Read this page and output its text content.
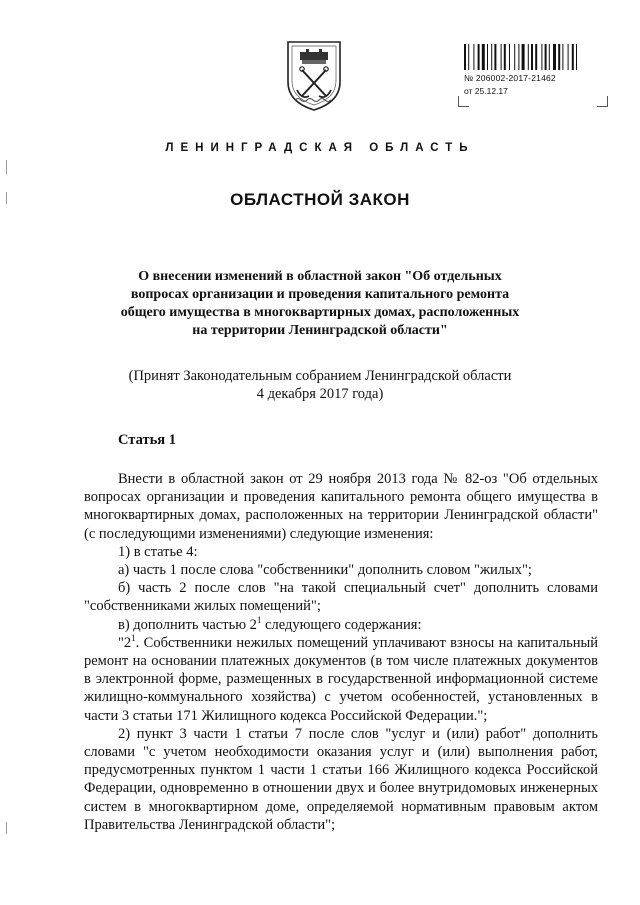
№ 206002-2017-21462
от 25.12.17
ЛЕНИНГРАДСКАЯ ОБЛАСТЬ
ОБЛАСТНОЙ ЗАКОН
О внесении изменений в областной закон "Об отдельных
вопросах организации и проведения капитального ремонта
общего имущества в многоквартирных домах, расположенных
на территории Ленинградской области"
(Принят Законодательным собранием Ленинградской области
4 декабря 2017 года)
Статья 1

Внести в областной закон от 29 ноября 2013 года № 82-оз "Об отдельных вопросах организации и проведения капитального ремонта общего имущества в многоквартирных домах, расположенных на территории Ленинградской области" (с последующими изменениями) следующие изменения:

1) в статье 4:

а) часть 1 после слова "собственники" дополнить словом "жилых";

б) часть 2 после слов "на такой специальный счет" дополнить словами "собственниками жилых помещений";

в) дополнить частью $2^1$ следующего содержания:

"$2^1$. Собственники нежилых помещений уплачивают взносы на капитальный ремонт на основании платежных документов (в том числе платежных документов в электронной форме, размещенных в государственной информационной системе жилищно-коммунального хозяйства) с учетом особенностей, установленных в части 3 статьи 171 Жилищного кодекса Российской Федерации.";

2) пункт 3 части 1 статьи 7 после слов "услуг и (или) работ" дополнить словами "с учетом необходимости оказания услуг и (или) выполнения работ, предусмотренных пунктом 1 части 1 статьи 166 Жилищного кодекса Российской Федерации, одновременно в отношении двух и более внутридомовых инженерных систем в многоквартирном доме, определяемой нормативным правовым актом Правительства Ленинградской области";
